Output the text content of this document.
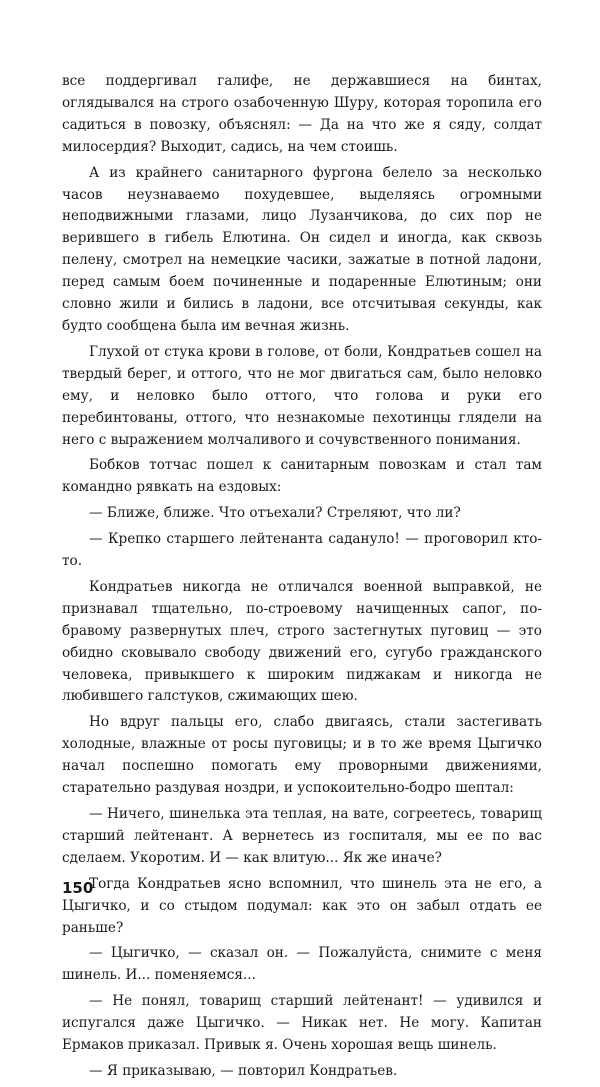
все поддергивал галифе, не державшиеся на бинтах, оглядывался на строго озабоченную Шуру, которая торопила его садиться в повозку, объяснял: — Да на что же я сяду, солдат милосердия? Выходит, садись, на чем стоишь.

А из крайнего санитарного фургона белело за несколько часов неузнаваемо похудевшее, выделяясь огромными неподвижными глазами, лицо Лузанчикова, до сих пор не верившего в гибель Елютина. Он сидел и иногда, как сквозь пелену, смотрел на немецкие часики, зажатые в потной ладони, перед самым боем починенные и подаренные Елютиным; они словно жили и бились в ладони, все отсчитывая секунды, как будто сообщена была им вечная жизнь.

Глухой от стука крови в голове, от боли, Кондратьев сошел на твердый берег, и оттого, что не мог двигаться сам, было неловко ему, и неловко было оттого, что голова и руки его перебинтованы, оттого, что незнакомые пехотинцы глядели на него с выражением молчаливого и сочувственного понимания.

Бобков тотчас пошел к санитарным повозкам и стал там командно рявкать на ездовых:

— Ближе, ближе. Что отъехали? Стреляют, что ли?

— Крепко старшего лейтенанта садануло! — проговорил кто-то.

Кондратьев никогда не отличался военной выправкой, не признавал тщательно, по-строевому начищенных сапог, по-бравому развернутых плеч, строго застегнутых пуговиц — это обидно сковывало свободу движений его, сугубо гражданского человека, привыкшего к широким пиджакам и никогда не любившего галстуков, сжимающих шею.

Но вдруг пальцы его, слабо двигаясь, стали застегивать холодные, влажные от росы пуговицы; и в то же время Цыгичко начал поспешно помогать ему проворными движениями, старательно раздувая ноздри, и успокоительно-бодро шептал:

— Ничего, шинелька эта теплая, на вате, согреетесь, товарищ старший лейтенант. А вернетесь из госпиталя, мы ее по вас сделаем. Укоротим. И — как влитую... Як же иначе?

Тогда Кондратьев ясно вспомнил, что шинель эта не его, а Цыгичко, и со стыдом подумал: как это он забыл отдать ее раньше?

— Цыгичко, — сказал он. — Пожалуйста, снимите с меня шинель. И... поменяемся...

— Не понял, товарищ старший лейтенант! — удивился и испугался даже Цыгичко. — Никак нет. Не могу. Капитан Ермаков приказал. Привык я. Очень хорошая вещь шинель.

— Я приказываю, — повторил Кондратьев.

150
